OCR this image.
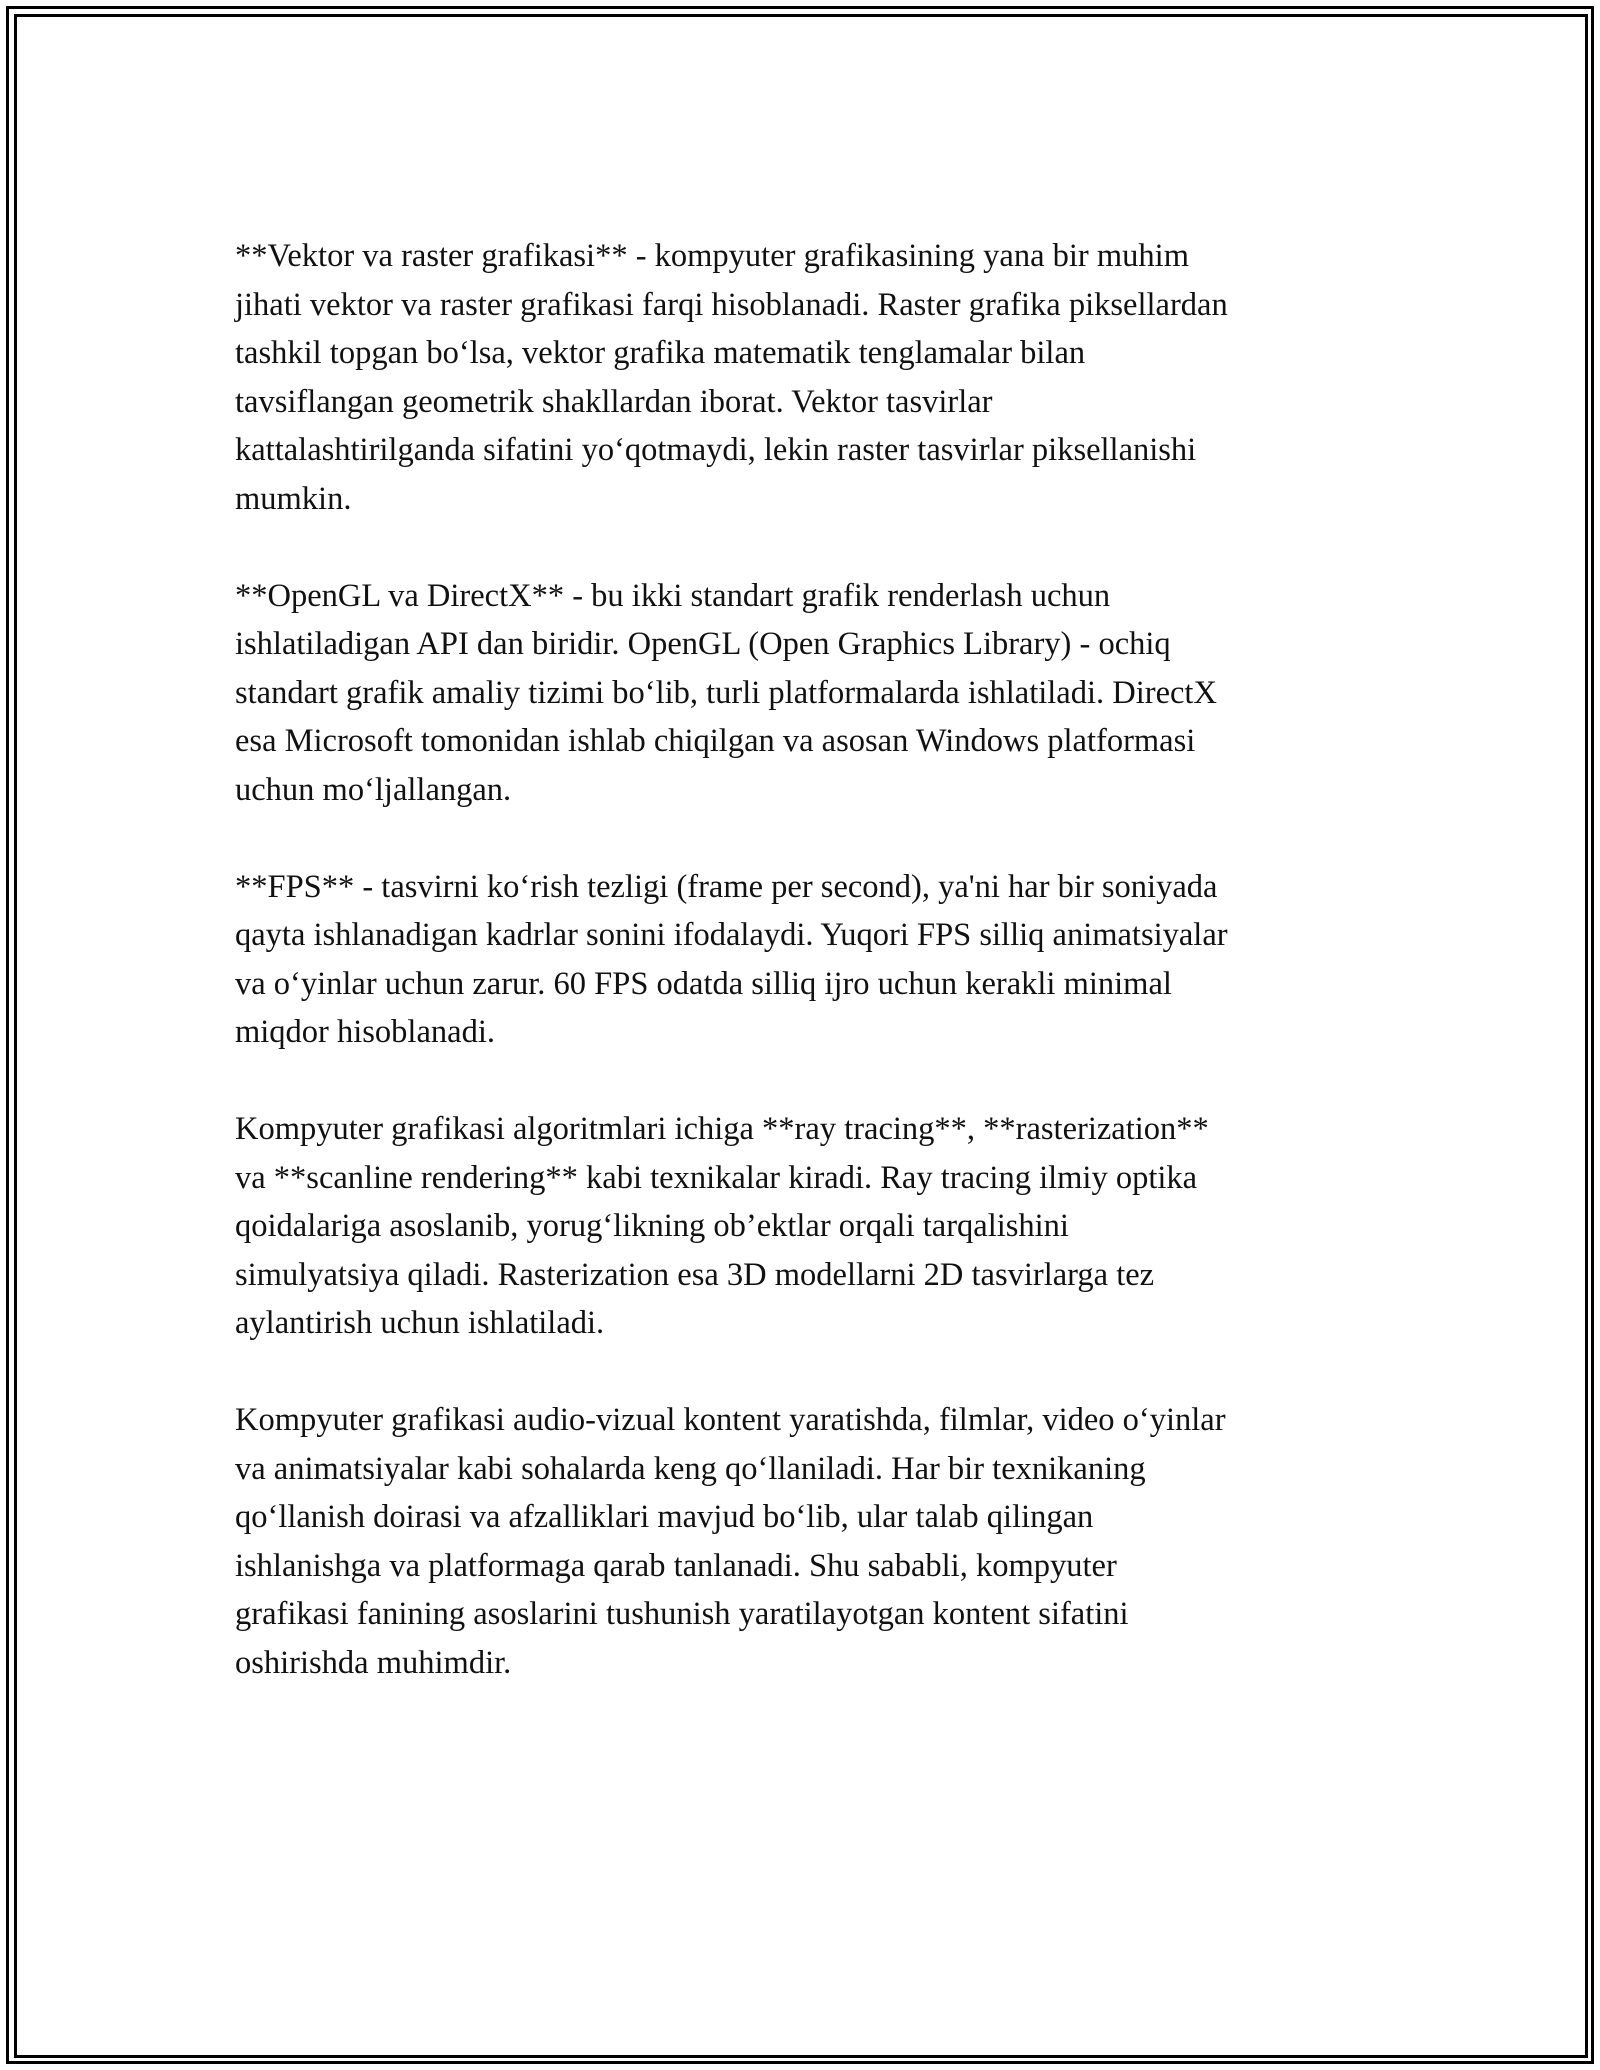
**Vektor va raster grafikasi** - kompyuter grafikasining yana bir muhim
jihati vektor va raster grafikasi farqi hisoblanadi. Raster grafika piksellardan
tashkil topgan bo‘lsa, vektor grafika matematik tenglamalar bilan
tavsiflangan geometrik shakllardan iborat. Vektor tasvirlar
kattalashtirilganda sifatini yo‘qotmaydi, lekin raster tasvirlar piksellanishi
mumkin.

**OpenGL va DirectX** - bu ikki standart grafik renderlash uchun
ishlatiladigan API dan biridir. OpenGL (Open Graphics Library) - ochiq
standart grafik amaliy tizimi bo‘lib, turli platformalarda ishlatiladi. DirectX
esa Microsoft tomonidan ishlab chiqilgan va asosan Windows platformasi
uchun mo‘ljallangan.

**FPS** - tasvirni ko‘rish tezligi (frame per second), ya'ni har bir soniyada
qayta ishlanadigan kadrlar sonini ifodalaydi. Yuqori FPS silliq animatsiyalar
va o‘yinlar uchun zarur. 60 FPS odatda silliq ijro uchun kerakli minimal
miqdor hisoblanadi.

Kompyuter grafikasi algoritmlari ichiga **ray tracing**, **rasterization**
va **scanline rendering** kabi texnikalar kiradi. Ray tracing ilmiy optika
qoidalariga asoslanib, yorug‘likning ob’ektlar orqali tarqalishini
simulyatsiya qiladi. Rasterization esa 3D modellarni 2D tasvirlarga tez
aylantirish uchun ishlatiladi.

Kompyuter grafikasi audio-vizual kontent yaratishda, filmlar, video o‘yinlar
va animatsiyalar kabi sohalarda keng qo‘llaniladi. Har bir texnikaning
qo‘llanish doirasi va afzalliklari mavjud bo‘lib, ular talab qilingan
ishlanishga va platformaga qarab tanlanadi. Shu sababli, kompyuter
grafikasi fanining asoslarini tushunish yaratilayotgan kontent sifatini
oshirishda muhimdir.
